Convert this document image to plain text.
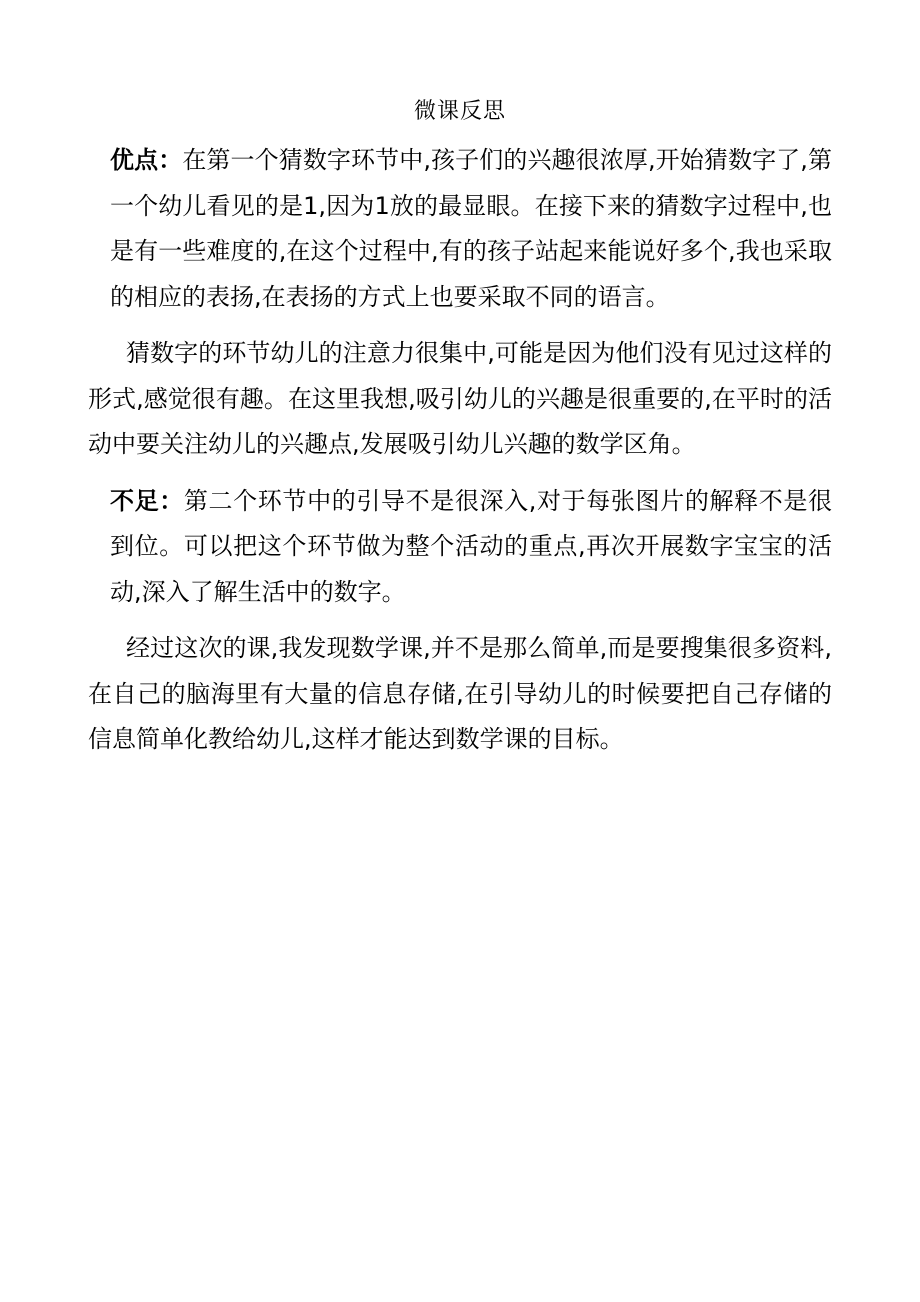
微课反思

优点：在第一个猜数字环节中,孩子们的兴趣很浓厚,开始猜数字了,第一个幼儿看见的是1,因为1放的最显眼。在接下来的猜数字过程中,也是有一些难度的,在这个过程中,有的孩子站起来能说好多个,我也采取的相应的表扬,在表扬的方式上也要采取不同的语言。

猜数字的环节幼儿的注意力很集中,可能是因为他们没有见过这样的形式,感觉很有趣。在这里我想,吸引幼儿的兴趣是很重要的,在平时的活动中要关注幼儿的兴趣点,发展吸引幼儿兴趣的数学区角。

不足：第二个环节中的引导不是很深入,对于每张图片的解释不是很到位。可以把这个环节做为整个活动的重点,再次开展数字宝宝的活动,深入了解生活中的数字。

经过这次的课,我发现数学课,并不是那么简单,而是要搜集很多资料,在自己的脑海里有大量的信息存储,在引导幼儿的时候要把自己存储的信息简单化教给幼儿,这样才能达到数学课的目标。
